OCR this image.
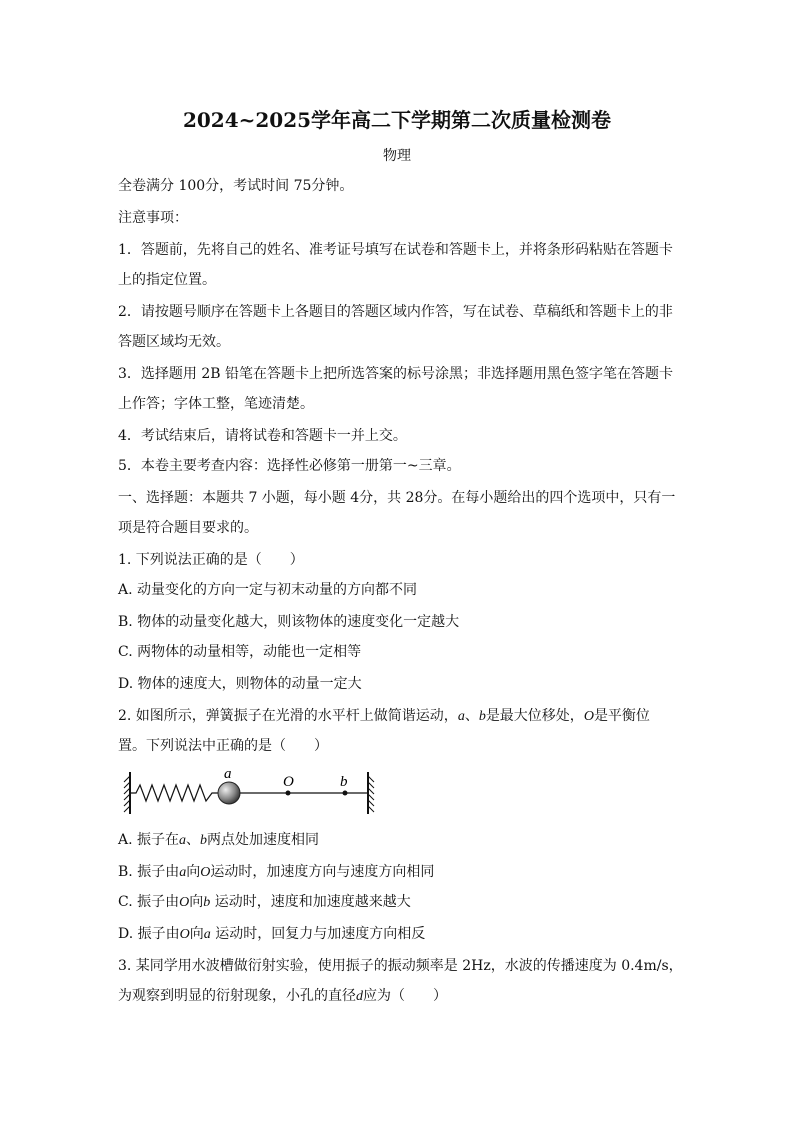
2024~2025学年高二下学期第二次质量检测卷
物理
全卷满分 100分，考试时间 75分钟。
注意事项：
1．答题前，先将自己的姓名、准考证号填写在试卷和答题卡上，并将条形码粘贴在答题卡
上的指定位置。
2．请按题号顺序在答题卡上各题目的答题区域内作答，写在试卷、草稿纸和答题卡上的非
答题区域均无效。
3．选择题用 2B 铅笔在答题卡上把所选答案的标号涂黑；非选择题用黑色签字笔在答题卡
上作答；字体工整，笔迹清楚。
4．考试结束后，请将试卷和答题卡一并上交。
5．本卷主要考查内容：选择性必修第一册第一~三章。
一、选择题：本题共 7 小题，每小题 4分，共 28分。在每小题给出的四个选项中，只有一
项是符合题目要求的。
1. 下列说法正确的是（　　）
A. 动量变化的方向一定与初末动量的方向都不同
B. 物体的动量变化越大，则该物体的速度变化一定越大
C. 两物体的动量相等，动能也一定相等
D. 物体的速度大，则物体的动量一定大
2. 如图所示，弹簧振子在光滑的水平杆上做简谐运动，a、b是最大位移处，O是平衡位
置。下列说法中正确的是（　　）
a	O	b
A. 振子在a、b两点处加速度相同
B. 振子由a向O运动时，加速度方向与速度方向相同
C. 振子由O向b 运动时，速度和加速度越来越大
D. 振子由O向a 运动时，回复力与加速度方向相反
3. 某同学用水波槽做衍射实验，使用振子的振动频率是 2Hz，水波的传播速度为 0.4m/s，
为观察到明显的衍射现象，小孔的直径d应为（　　）
